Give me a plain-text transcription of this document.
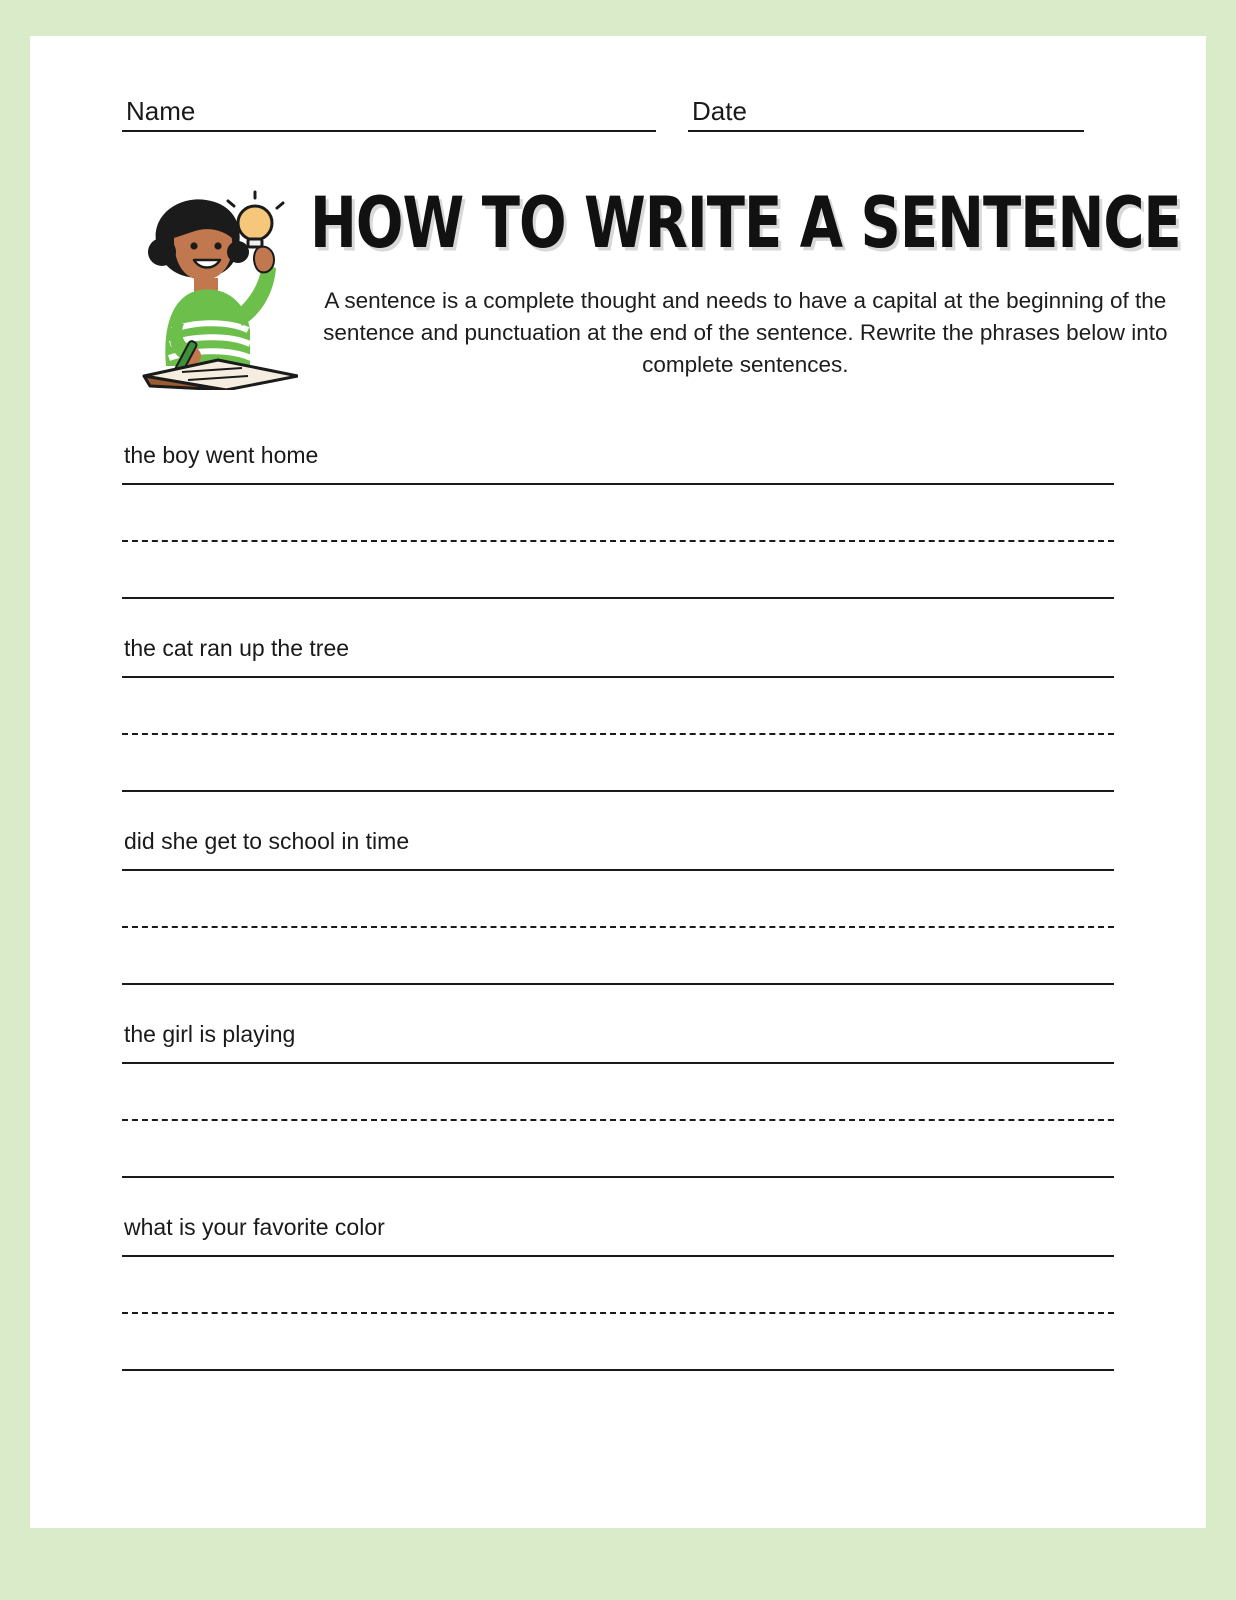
Name	Date
HOW TO WRITE A SENTENCE
A sentence is a complete thought and needs to have a capital at the beginning of the sentence and punctuation at the end of the sentence. Rewrite the phrases below into complete sentences.
the boy went home
the cat ran up the tree
did she get to school in time
the girl is playing
what is your favorite color
